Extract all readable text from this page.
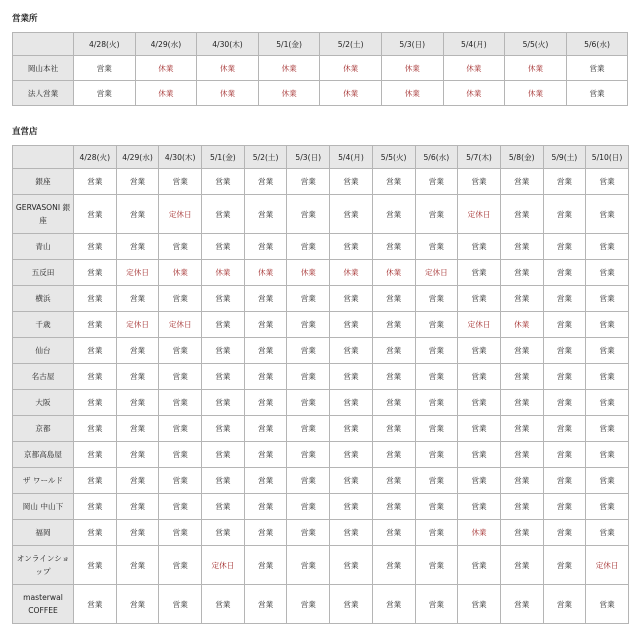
営業所
	4/28(火)	4/29(水)	4/30(木)	5/1(金)	5/2(土)	5/3(日)	5/4(月)	5/5(火)	5/6(水)
岡山本社	営業	休業	休業	休業	休業	休業	休業	休業	営業
法人営業	営業	休業	休業	休業	休業	休業	休業	休業	営業
直営店
	4/28(火)	4/29(水)	4/30(木)	5/1(金)	5/2(土)	5/3(日)	5/4(月)	5/5(火)	5/6(水)	5/7(木)	5/8(金)	5/9(土)	5/10(日)
銀座	営業	営業	営業	営業	営業	営業	営業	営業	営業	営業	営業	営業	営業
GERVASONI 銀座	営業	営業	定休日	営業	営業	営業	営業	営業	営業	定休日	営業	営業	営業
青山	営業	営業	営業	営業	営業	営業	営業	営業	営業	営業	営業	営業	営業
五反田	営業	定休日	休業	休業	休業	休業	休業	休業	定休日	営業	営業	営業	営業
横浜	営業	営業	営業	営業	営業	営業	営業	営業	営業	営業	営業	営業	営業
千歳	営業	定休日	定休日	営業	営業	営業	営業	営業	営業	定休日	休業	営業	営業
仙台	営業	営業	営業	営業	営業	営業	営業	営業	営業	営業	営業	営業	営業
名古屋	営業	営業	営業	営業	営業	営業	営業	営業	営業	営業	営業	営業	営業
大阪	営業	営業	営業	営業	営業	営業	営業	営業	営業	営業	営業	営業	営業
京都	営業	営業	営業	営業	営業	営業	営業	営業	営業	営業	営業	営業	営業
京都高島屋	営業	営業	営業	営業	営業	営業	営業	営業	営業	営業	営業	営業	営業
ザ ワールド	営業	営業	営業	営業	営業	営業	営業	営業	営業	営業	営業	営業	営業
岡山 中山下	営業	営業	営業	営業	営業	営業	営業	営業	営業	営業	営業	営業	営業
福岡	営業	営業	営業	営業	営業	営業	営業	営業	営業	休業	営業	営業	営業
オンラインショップ	営業	営業	営業	定休日	営業	営業	営業	営業	営業	営業	営業	営業	定休日
masterwal COFFEE	営業	営業	営業	営業	営業	営業	営業	営業	営業	営業	営業	営業	営業
